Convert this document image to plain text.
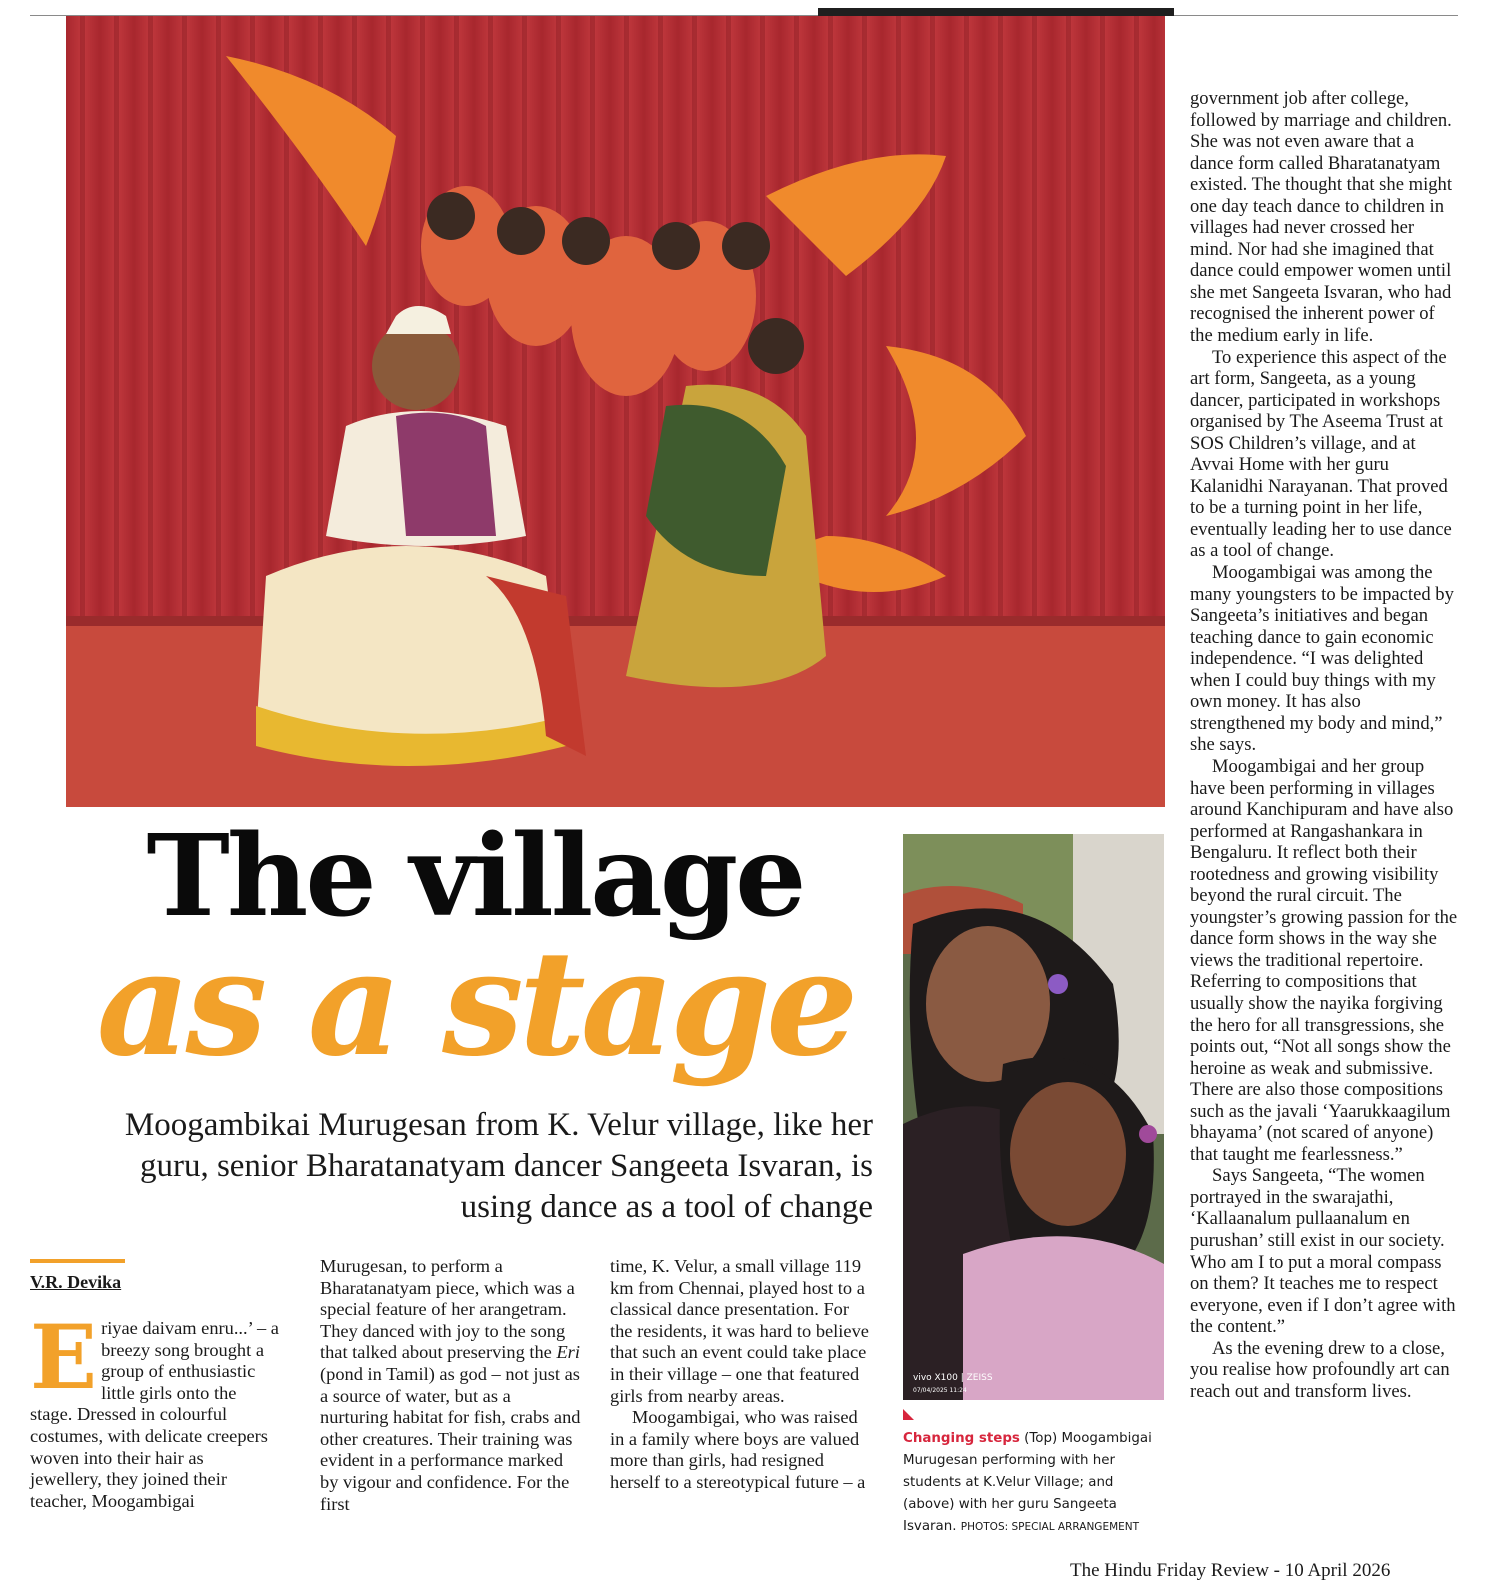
The village
as a stage
Moogambikai Murugesan from K. Velur village, like her guru, senior Bharatanatyam dancer Sangeeta Isvaran, is using dance as a tool of change
V.R. Devika

E riyae daivam enru...’ – a breezy song brought a group of enthusiastic little girls onto the stage. Dressed in colourful costumes, with delicate creepers woven into their hair as jewellery, they joined their teacher, Moogambigai

Murugesan, to perform a Bharatanatyam piece, which was a special feature of her arangetram. They danced with joy to the song that talked about preserving the Eri (pond in Tamil) as god – not just as a source of water, but as a nurturing habitat for fish, crabs and other creatures. Their training was evident in a performance marked by vigour and confidence. For the first

time, K. Velur, a small village 119 km from Chennai, played host to a classical dance presentation. For the residents, it was hard to believe that such an event could take place in their village – one that featured girls from nearby areas.

Moogambigai, who was raised in a family where boys are valued more than girls, had resigned herself to a stereotypical future – a

government job after college, followed by marriage and children. She was not even aware that a dance form called Bharatanatyam existed. The thought that she might one day teach dance to children in villages had never crossed her mind. Nor had she imagined that dance could empower women until she met Sangeeta Isvaran, who had recognised the inherent power of the medium early in life.

To experience this aspect of the art form, Sangeeta, as a young dancer, participated in workshops organised by The Aseema Trust at SOS Children’s village, and at Avvai Home with her guru Kalanidhi Narayanan. That proved to be a turning point in her life, eventually leading her to use dance as a tool of change.

Moogambigai was among the many youngsters to be impacted by Sangeeta’s initiatives and began teaching dance to gain economic independence. “I was delighted when I could buy things with my own money. It has also strengthened my body and mind,” she says.

Moogambigai and her group have been performing in villages around Kanchipuram and have also performed at Rangashankara in Bengaluru. It reflect both their rootedness and growing visibility beyond the rural circuit. The youngster’s growing passion for the dance form shows in the way she views the traditional repertoire. Referring to compositions that usually show the nayika forgiving the hero for all transgressions, she points out, “Not all songs show the heroine as weak and submissive. There are also those compositions such as the javali ‘Yaarukkaagilum bhayama’ (not scared of anyone) that taught me fearlessness.”

Says Sangeeta, “The women portrayed in the swarajathi, ‘Kallaanalum pullaanalum en purushan’ still exist in our society. Who am I to put a moral compass on them? It teaches me to respect everyone, even if I don’t agree with the content.”

As the evening drew to a close, you realise how profoundly art can reach out and transform lives.

vivo X100 | ZEISS
07/04/2025 11:24
Changing steps (Top) Moogambigai Murugesan performing with her students at K.Velur Village; and (above) with her guru Sangeeta Isvaran. PHOTOS: SPECIAL ARRANGEMENT
The Hindu Friday Review - 10 April 2026
